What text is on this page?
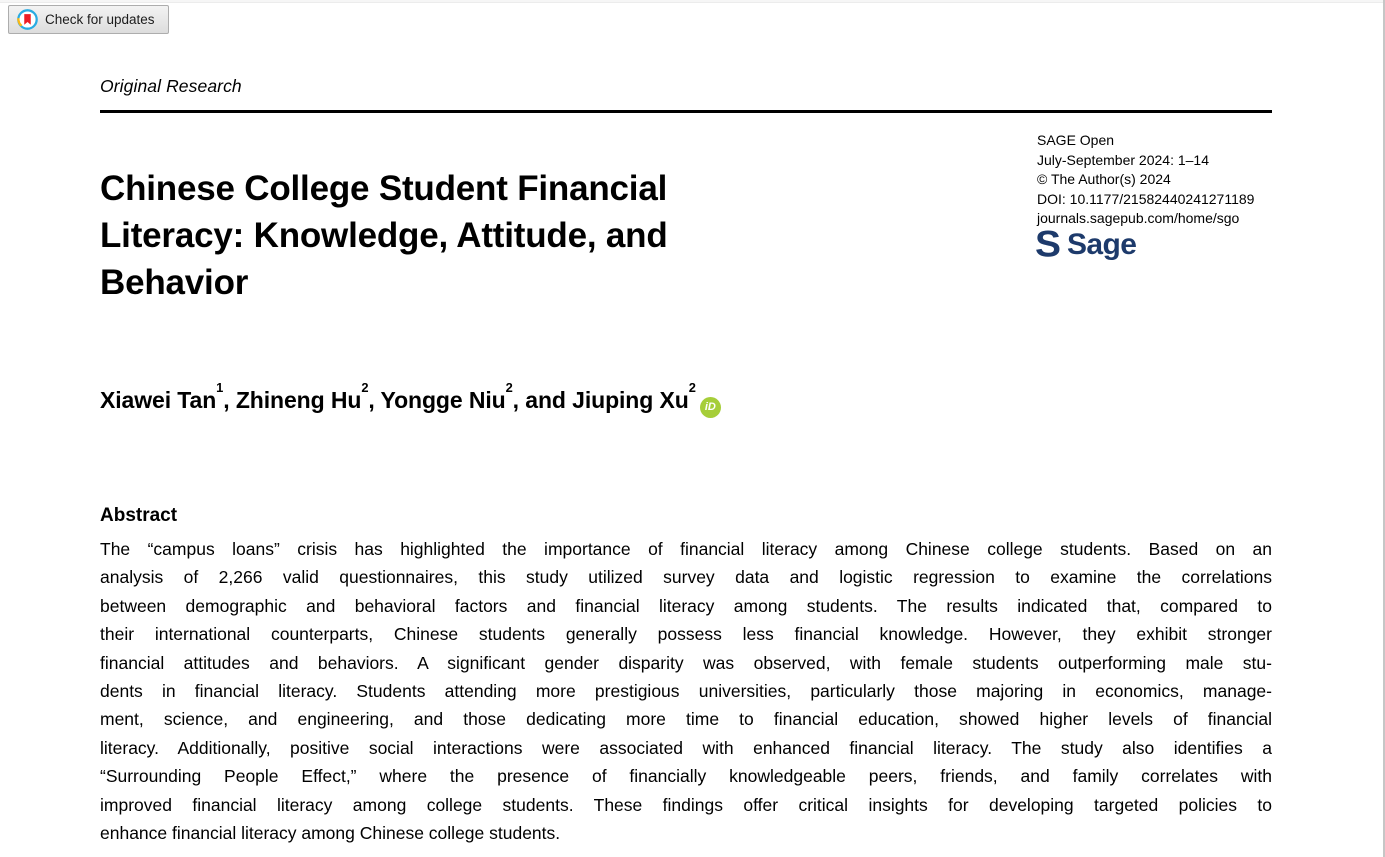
Check for updates
Original Research
Chinese College Student Financial Literacy: Knowledge, Attitude, and Behavior
SAGE Open
July-September 2024: 1–14
© The Author(s) 2024
DOI: 10.1177/21582440241271189
journals.sagepub.com/home/sgo
S Sage
Xiawei Tan$^1$, Zhineng Hu$^2$, Yongge Niu$^2$, and Jiuping Xu$^2$iD
Abstract
The “campus loans” crisis has highlighted the importance of financial literacy among Chinese college students. Based on an
analysis of 2,266 valid questionnaires, this study utilized survey data and logistic regression to examine the correlations
between demographic and behavioral factors and financial literacy among students. The results indicated that, compared to
their international counterparts, Chinese students generally possess less financial knowledge. However, they exhibit stronger
financial attitudes and behaviors. A significant gender disparity was observed, with female students outperforming male stu-
dents in financial literacy. Students attending more prestigious universities, particularly those majoring in economics, manage-
ment, science, and engineering, and those dedicating more time to financial education, showed higher levels of financial
literacy. Additionally, positive social interactions were associated with enhanced financial literacy. The study also identifies a
“Surrounding People Effect,” where the presence of financially knowledgeable peers, friends, and family correlates with
improved financial literacy among college students. These findings offer critical insights for developing targeted policies to
enhance financial literacy among Chinese college students.
